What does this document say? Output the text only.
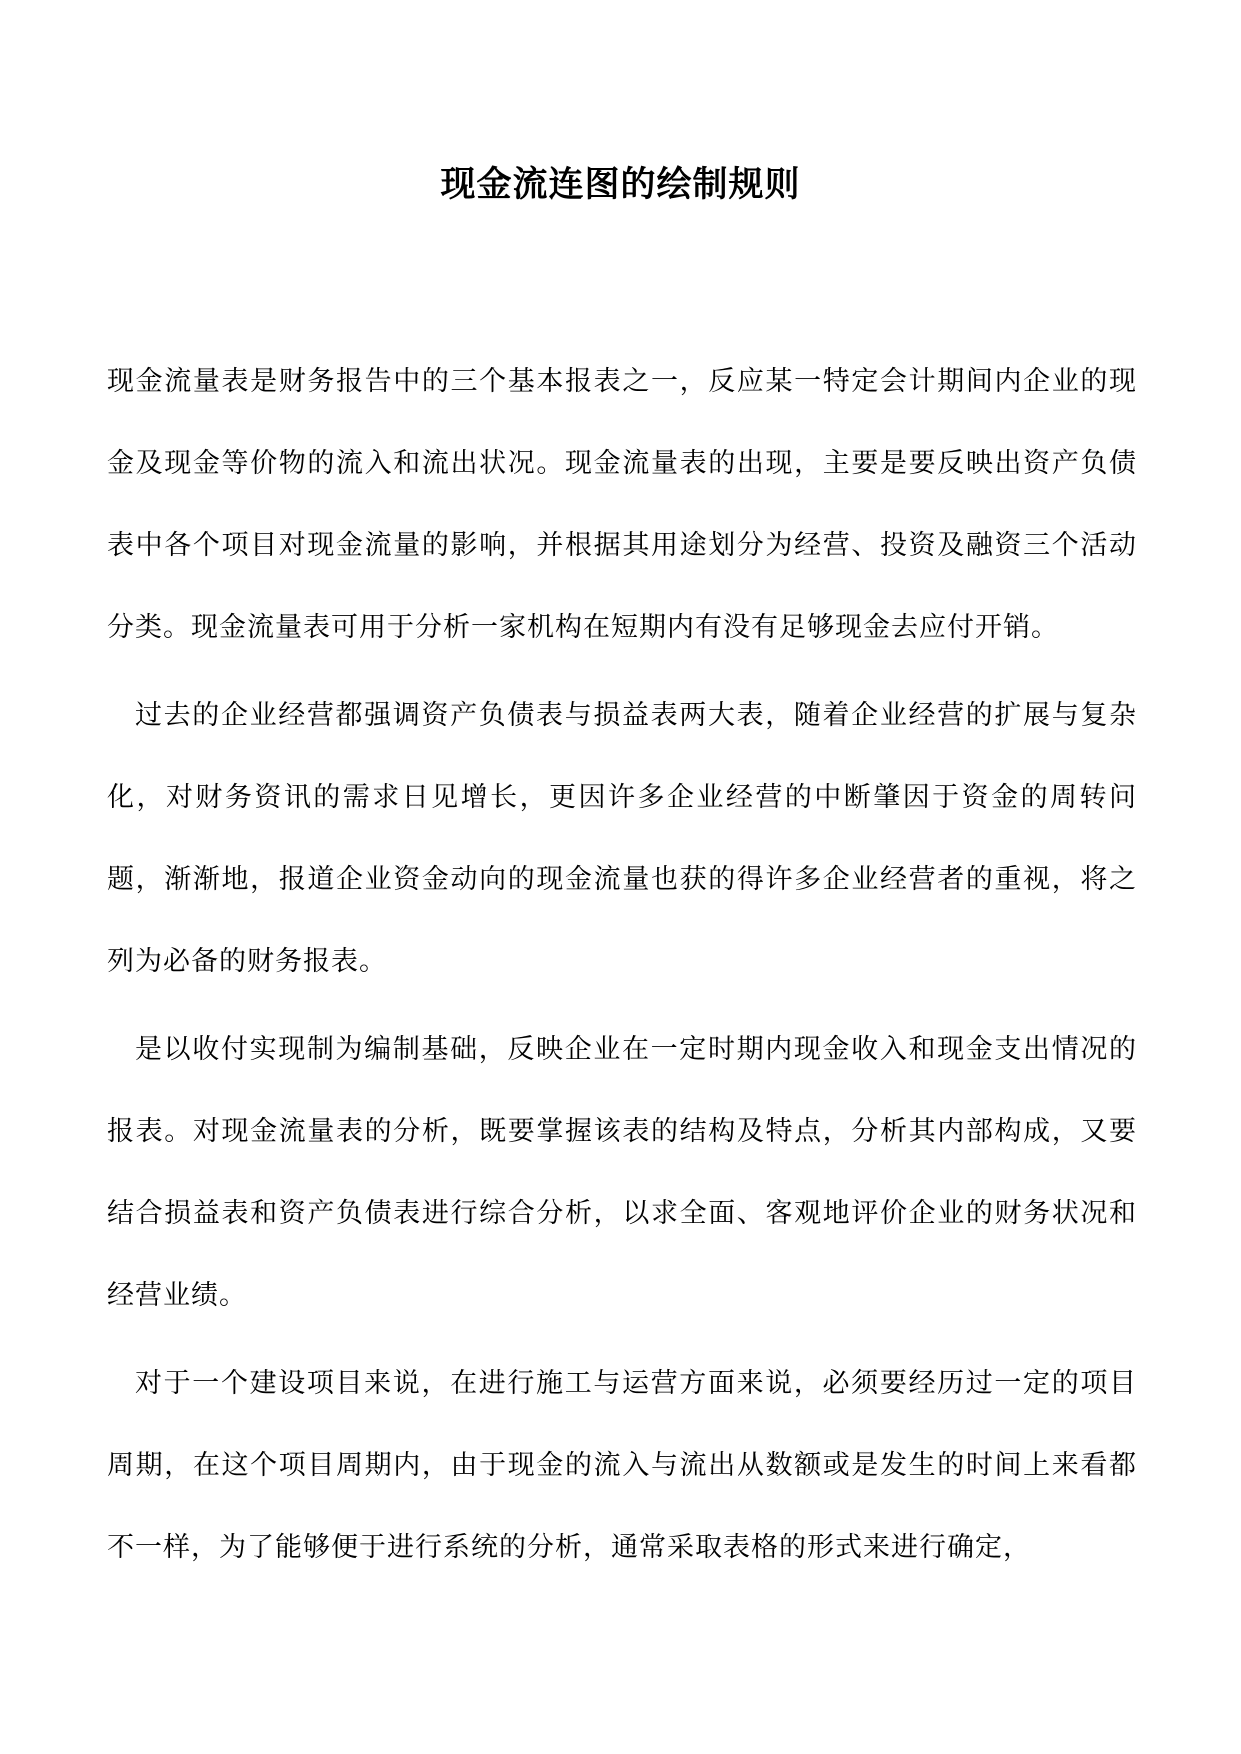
现金流连图的绘制规则

现金流量表是财务报告中的三个基本报表之一，反应某一特定会计期间内企业的现金及现金等价物的流入和流出状况。现金流量表的出现，主要是要反映出资产负债表中各个项目对现金流量的影响，并根据其用途划分为经营、投资及融资三个活动分类。现金流量表可用于分析一家机构在短期内有没有足够现金去应付开销。

过去的企业经营都强调资产负债表与损益表两大表，随着企业经营的扩展与复杂化，对财务资讯的需求日见增长，更因许多企业经营的中断肇因于资金的周转问题，渐渐地，报道企业资金动向的现金流量也获的得许多企业经营者的重视，将之列为必备的财务报表。

是以收付实现制为编制基础，反映企业在一定时期内现金收入和现金支出情况的报表。对现金流量表的分析，既要掌握该表的结构及特点，分析其内部构成，又要结合损益表和资产负债表进行综合分析，以求全面、客观地评价企业的财务状况和经营业绩。

对于一个建设项目来说，在进行施工与运营方面来说，必须要经历过一定的项目周期，在这个项目周期内，由于现金的流入与流出从数额或是发生的时间上来看都不一样，为了能够便于进行系统的分析，通常采取表格的形式来进行确定，
